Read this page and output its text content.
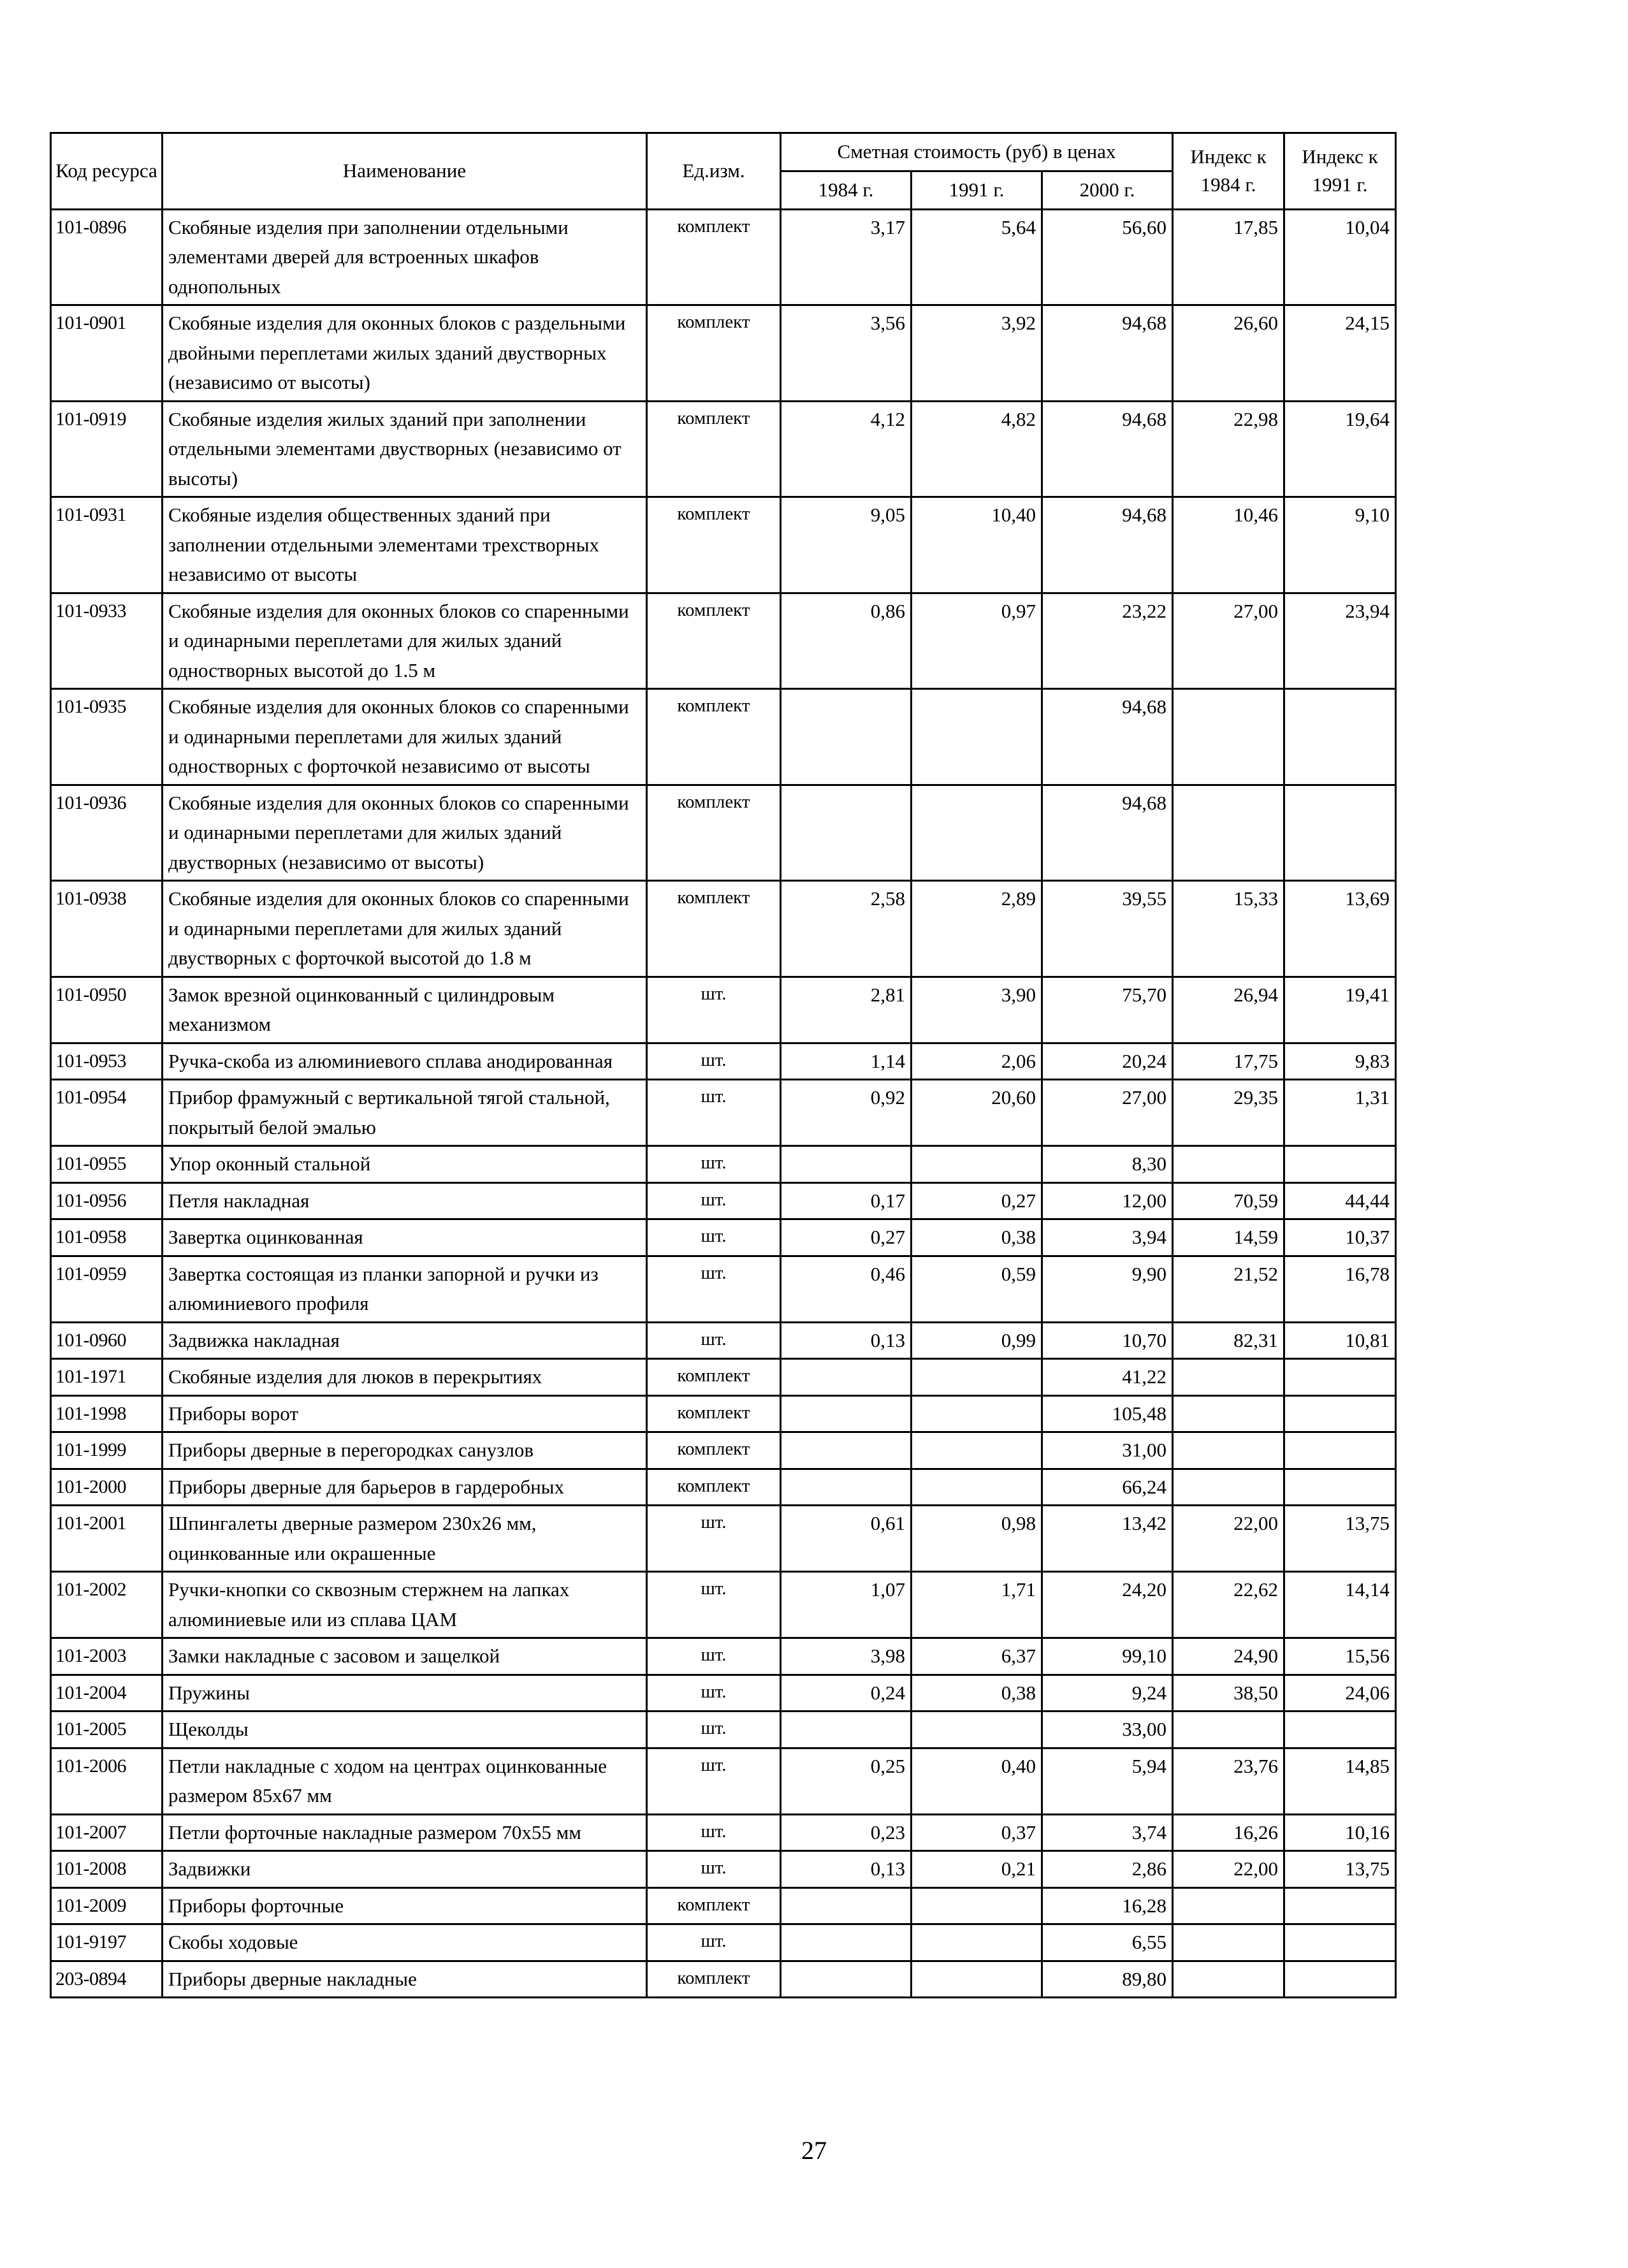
Код ресурса	Наименование	Ед.изм.	Сметная стоимость (руб) в ценах			Индекс к 1984 г.	Индекс к 1991 г.
			1984 г.	1991 г.	2000 г.		
101-0896	Скобяные изделия при заполнении отдельными элементами дверей для встроенных шкафов однопольных	комплект	3,17	5,64	56,60	17,85	10,04
101-0901	Скобяные изделия для оконных блоков с раздельными двойными переплетами жилых зданий двустворных (независимо от высоты)	комплект	3,56	3,92	94,68	26,60	24,15
101-0919	Скобяные изделия жилых зданий при заполнении отдельными элементами двустворных (независимо от высоты)	комплект	4,12	4,82	94,68	22,98	19,64
101-0931	Скобяные изделия общественных зданий при заполнении отдельными элементами трехстворных независимо от высоты	комплект	9,05	10,40	94,68	10,46	9,10
101-0933	Скобяные изделия для оконных блоков со спаренными и одинарными переплетами для жилых зданий одностворных высотой до 1.5 м	комплект	0,86	0,97	23,22	27,00	23,94
101-0935	Скобяные изделия для оконных блоков со спаренными и одинарными переплетами для жилых зданий одностворных с форточкой независимо от высоты	комплект			94,68		
101-0936	Скобяные изделия для оконных блоков со спаренными и одинарными переплетами для жилых зданий двустворных (независимо от высоты)	комплект			94,68		
101-0938	Скобяные изделия для оконных блоков со спаренными и одинарными переплетами для жилых зданий двустворных с форточкой высотой до 1.8 м	комплект	2,58	2,89	39,55	15,33	13,69
101-0950	Замок врезной оцинкованный с цилиндровым механизмом	шт.	2,81	3,90	75,70	26,94	19,41
101-0953	Ручка-скоба из алюминиевого сплава анодированная	шт.	1,14	2,06	20,24	17,75	9,83
101-0954	Прибор фрамужный с вертикальной тягой стальной, покрытый белой эмалью	шт.	0,92	20,60	27,00	29,35	1,31
101-0955	Упор оконный стальной	шт.			8,30		
101-0956	Петля накладная	шт.	0,17	0,27	12,00	70,59	44,44
101-0958	Завертка оцинкованная	шт.	0,27	0,38	3,94	14,59	10,37
101-0959	Завертка состоящая из планки запорной и ручки из алюминиевого профиля	шт.	0,46	0,59	9,90	21,52	16,78
101-0960	Задвижка накладная	шт.	0,13	0,99	10,70	82,31	10,81
101-1971	Скобяные изделия для люков в перекрытиях	комплект			41,22		
101-1998	Приборы ворот	комплект			105,48		
101-1999	Приборы дверные в перегородках санузлов	комплект			31,00		
101-2000	Приборы дверные для барьеров в гардеробных	комплект			66,24		
101-2001	Шпингалеты дверные размером 230х26 мм, оцинкованные или окрашенные	шт.	0,61	0,98	13,42	22,00	13,75
101-2002	Ручки-кнопки со сквозным стержнем на лапках алюминиевые или из сплава ЦАМ	шт.	1,07	1,71	24,20	22,62	14,14
101-2003	Замки накладные с засовом и защелкой	шт.	3,98	6,37	99,10	24,90	15,56
101-2004	Пружины	шт.	0,24	0,38	9,24	38,50	24,06
101-2005	Щеколды	шт.			33,00		
101-2006	Петли накладные с ходом на центрах оцинкованные размером 85х67 мм	шт.	0,25	0,40	5,94	23,76	14,85
101-2007	Петли форточные накладные размером 70х55 мм	шт.	0,23	0,37	3,74	16,26	10,16
101-2008	Задвижки	шт.	0,13	0,21	2,86	22,00	13,75
101-2009	Приборы форточные	комплект			16,28		
101-9197	Скобы ходовые	шт.			6,55		
203-0894	Приборы дверные накладные	комплект			89,80		
27
